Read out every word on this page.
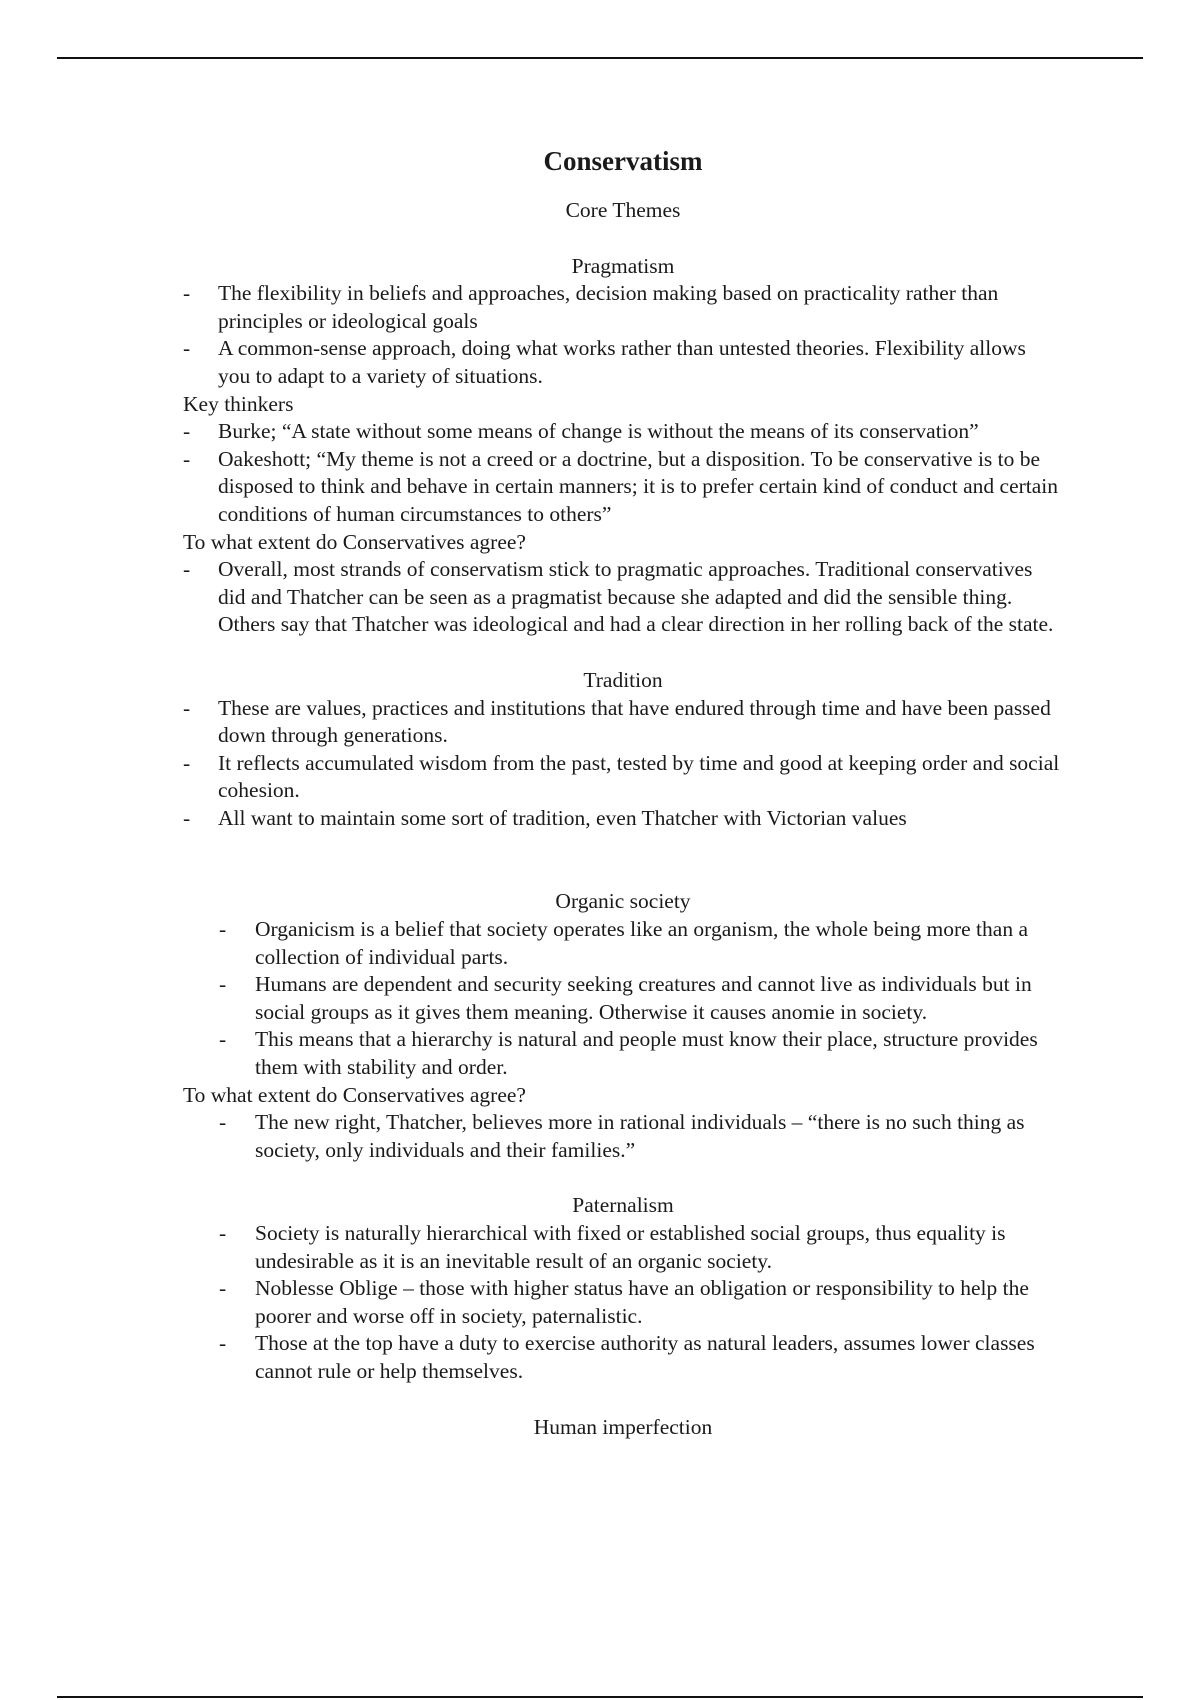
Conservatism
Core Themes
Pragmatism
- The flexibility in beliefs and approaches, decision making based on practicality rather than principles or ideological goals
- A common-sense approach, doing what works rather than untested theories. Flexibility allows you to adapt to a variety of situations.
Key thinkers
- Burke; “A state without some means of change is without the means of its conservation”
- Oakeshott; “My theme is not a creed or a doctrine, but a disposition. To be conservative is to be disposed to think and behave in certain manners; it is to prefer certain kind of conduct and certain conditions of human circumstances to others”
To what extent do Conservatives agree?
- Overall, most strands of conservatism stick to pragmatic approaches. Traditional conservatives did and Thatcher can be seen as a pragmatist because she adapted and did the sensible thing. Others say that Thatcher was ideological and had a clear direction in her rolling back of the state.
Tradition
- These are values, practices and institutions that have endured through time and have been passed down through generations.
- It reflects accumulated wisdom from the past, tested by time and good at keeping order and social cohesion.
- All want to maintain some sort of tradition, even Thatcher with Victorian values
Organic society
- Organicism is a belief that society operates like an organism, the whole being more than a collection of individual parts.
- Humans are dependent and security seeking creatures and cannot live as individuals but in social groups as it gives them meaning. Otherwise it causes anomie in society.
- This means that a hierarchy is natural and people must know their place, structure provides them with stability and order.
To what extent do Conservatives agree?
- The new right, Thatcher, believes more in rational individuals – “there is no such thing as society, only individuals and their families.”
Paternalism
- Society is naturally hierarchical with fixed or established social groups, thus equality is undesirable as it is an inevitable result of an organic society.
- Noblesse Oblige – those with higher status have an obligation or responsibility to help the poorer and worse off in society, paternalistic.
- Those at the top have a duty to exercise authority as natural leaders, assumes lower classes cannot rule or help themselves.
Human imperfection
